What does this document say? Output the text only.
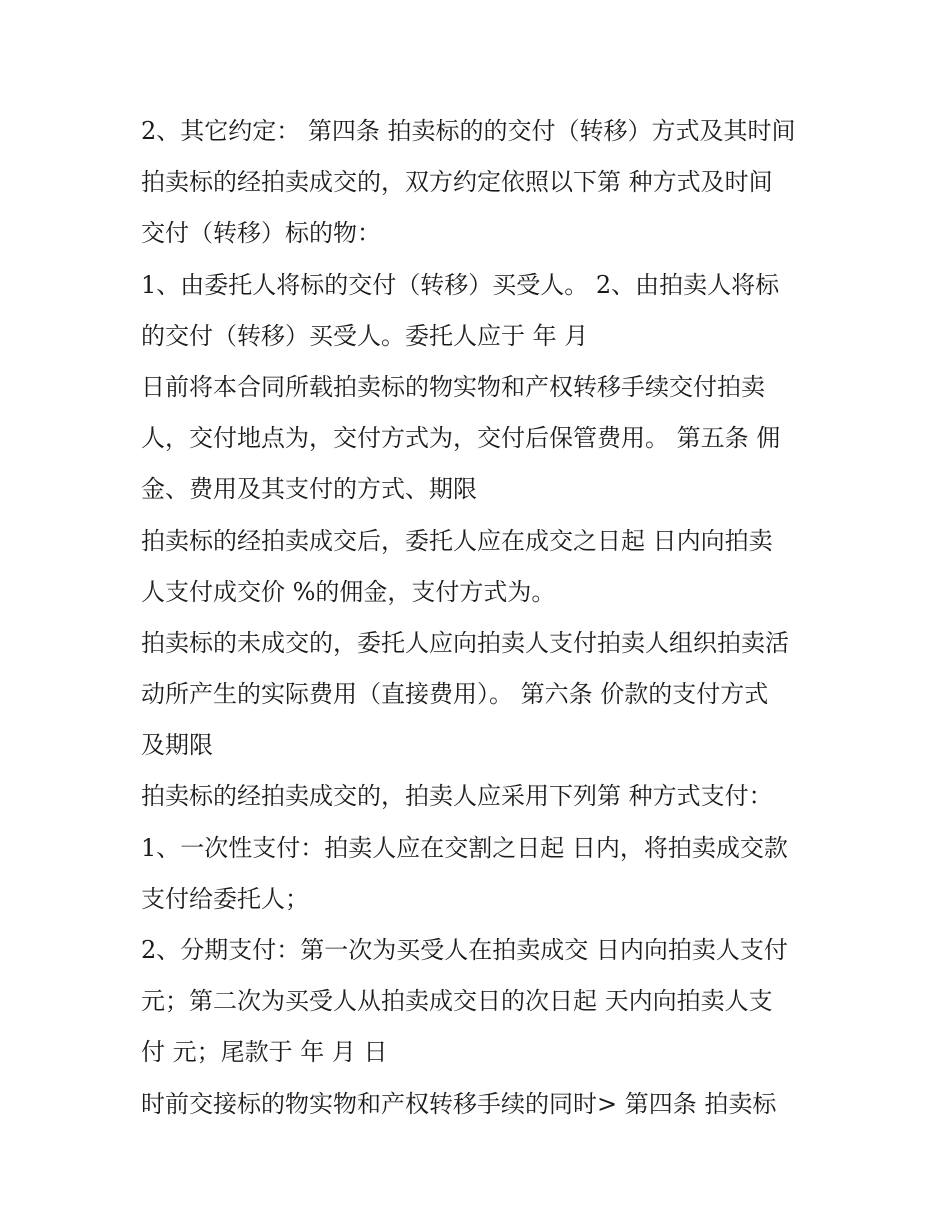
2、其它约定： 第四条 拍卖标的的交付（转移）方式及其时间
拍卖标的经拍卖成交的，双方约定依照以下第 种方式及时间
交付（转移）标的物：
1、由委托人将标的交付（转移）买受人。 2、由拍卖人将标
的交付（转移）买受人。委托人应于 年 月
日前将本合同所载拍卖标的物实物和产权转移手续交付拍卖
人，交付地点为，交付方式为，交付后保管费用。 第五条 佣
金、费用及其支付的方式、期限
拍卖标的经拍卖成交后，委托人应在成交之日起 日内向拍卖
人支付成交价 %的佣金，支付方式为。
拍卖标的未成交的，委托人应向拍卖人支付拍卖人组织拍卖活
动所产生的实际费用（直接费用）。 第六条 价款的支付方式
及期限
拍卖标的经拍卖成交的，拍卖人应采用下列第 种方式支付：
1、一次性支付：拍卖人应在交割之日起 日内，将拍卖成交款
支付给委托人；
2、分期支付：第一次为买受人在拍卖成交 日内向拍卖人支付
元；第二次为买受人从拍卖成交日的次日起 天内向拍卖人支
付 元；尾款于 年 月 日
时前交接标的物实物和产权转移手续的同时> 第四条 拍卖标
